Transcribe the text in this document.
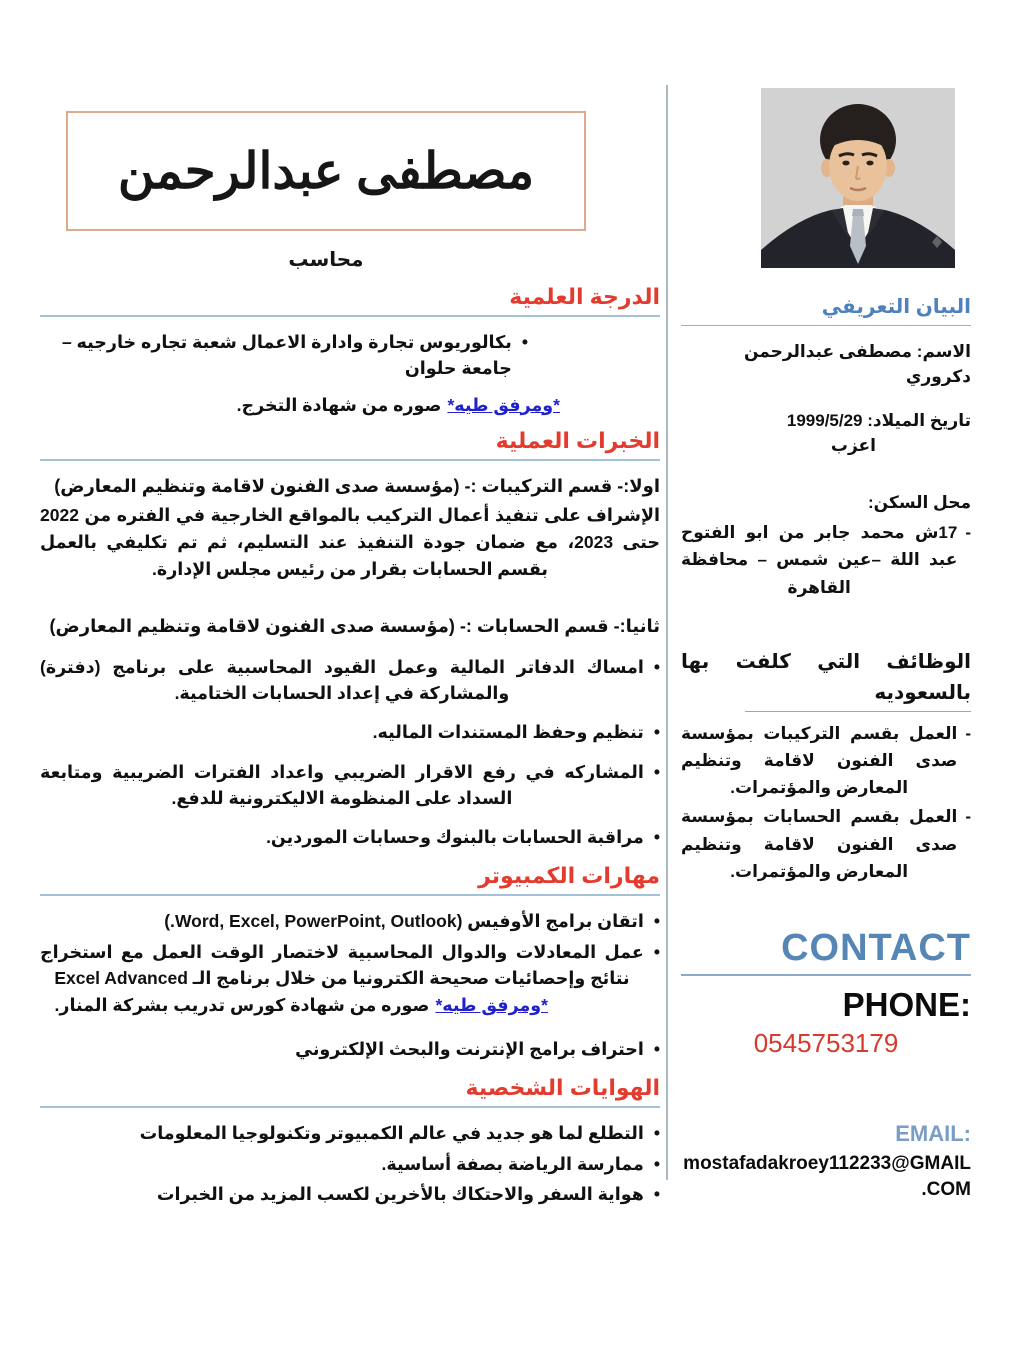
مصطفى عبدالرحمن
محاسب
الدرجة العلمية
• بكالوريوس تجارة وادارة الاعمال شعبة تجاره خارجيه – جامعة حلوان

*ومرفق طيه*صوره من شهادة التخرج.

الخبرات العملية

اولا:- قسم التركيبات :- (مؤسسة صدى الفنون لاقامة وتنظيم المعارض)

الإشراف على تنفيذ أعمال التركيب بالمواقع الخارجية في الفتره من 2022 حتى 2023، مع ضمان جودة التنفيذ عند التسليم، ثم تم تكليفي بالعمل بقسم الحسابات بقرار من رئيس مجلس الإدارة.

ثانيا:- قسم الحسابات :- (مؤسسة صدى الفنون لاقامة وتنظيم المعارض)

• امساك الدفاتر المالية وعمل القيود المحاسبية على برنامج (دفترة) والمشاركة في إعداد الحسابات الختامية.
• تنظيم وحفظ المستندات الماليه.
• المشاركه في رفع الاقرار الضريبي واعداد الفترات الضريبية ومتابعة السداد على المنظومة الاليكترونية للدفع.
• مراقبة الحسابات بالبنوك وحسابات الموردين.
مهارات الكمبيوتر
• اتقان برامج الأوفيس (Word, Excel, PowerPoint, Outlook.)
• عمل المعادلات والدوال المحاسبية لاختصار الوقت العمل مع استخراج نتائج وإحصائيات صحيحة الكترونيا من خلال برنامج الـ Excel Advanced

*ومرفق طيه*صوره من شهادة كورس تدريب بشركة المنار.

• احتراف برامج الإنترنت والبحث الإلكتروني
الهوايات الشخصية
• التطلع لما هو جديد في عالم الكمبيوتر وتكنولوجيا المعلومات
• ممارسة الرياضة بصفة أساسية.
• هواية السفر والاحتكاك بالأخرين لكسب المزيد من الخبرات
البيان التعريفي

الاسم: مصطفى عبدالرحمن دكروري

تاريخ الميلاد: 1999/5/29

اعزب

محل السكن:

- 17ش محمد جابر من ابو الفتوح عبد اللة –عين شمس – محافظة القاهرة
الوظائف التي كلفت بها بالسعوديه
- العمل بقسم التركيبات بمؤسسة صدى الفنون لاقامة وتنظيم المعارض والمؤتمرات.
- العمل بقسم الحسابات بمؤسسة صدى الفنون لاقامة وتنظيم المعارض والمؤتمرات.
CONTACT
PHONE:
0545753179
EMAIL:
mostafadakroey112233@GMAIL.COM
